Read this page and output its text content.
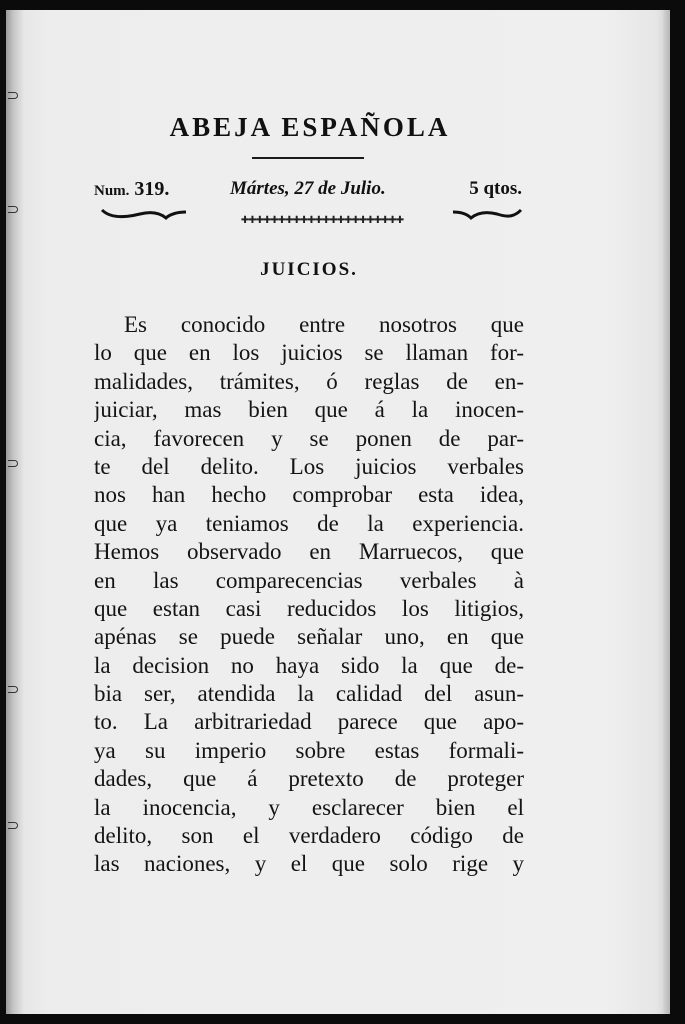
ABEJA ESPAÑOLA
Num. 319.	Mártes, 27 de Julio.	5 qtos.
✚✚✚✚✚✚✚✚✚✚✚✚✚✚✚✚✚✚✚✚✚✚
JUICIOS.
Es conocido entre nosotros que
lo que en los juicios se llaman for-
malidades, trámites, ó reglas de en-
juiciar, mas bien que á la inocen-
cia, favorecen y se ponen de par-
te del delito. Los juicios verbales
nos han hecho comprobar esta idea,
que ya teniamos de la experiencia.
Hemos observado en Marruecos, que
en las comparecencias verbales à
que estan casi reducidos los litigios,
apénas se puede señalar uno, en que
la decision no haya sido la que de-
bia ser, atendida la calidad del asun-
to. La arbitrariedad parece que apo-
ya su imperio sobre estas formali-
dades, que á pretexto de proteger
la inocencia, y esclarecer bien el
delito, son el verdadero código de
las naciones, y el que solo rige y
